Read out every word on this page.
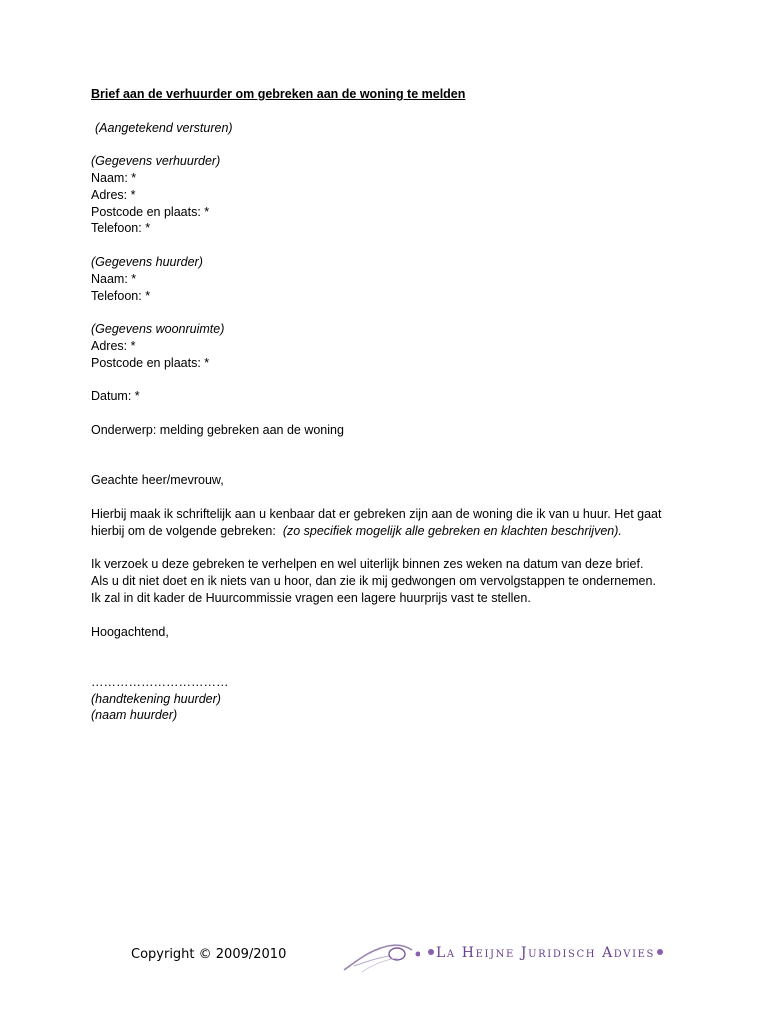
Brief aan de verhuurder om gebreken aan de woning te melden
(Aangetekend versturen)
(Gegevens verhuurder)
Naam: *
Adres: *
Postcode en plaats: *
Telefoon: *
(Gegevens huurder)
Naam: *
Telefoon: *
(Gegevens woonruimte)
Adres: *
Postcode en plaats: *
Datum: *
Onderwerp: melding gebreken aan de woning
Geachte heer/mevrouw,
Hierbij maak ik schriftelijk aan u kenbaar dat er gebreken zijn aan de woning die ik van u huur. Het gaat
hierbij om de volgende gebreken: (zo specifiek mogelijk alle gebreken en klachten beschrijven).
Ik verzoek u deze gebreken te verhelpen en wel uiterlijk binnen zes weken na datum van deze brief.
Als u dit niet doet en ik niets van u hoor, dan zie ik mij gedwongen om vervolgstappen te ondernemen.
Ik zal in dit kader de Huurcommissie vragen een lagere huurprijs vast te stellen.
Hoogachtend,
……………………………
(handtekening huurder)
(naam huurder)
Copyright © 2009/2010	La Heijne Juridisch Advies
